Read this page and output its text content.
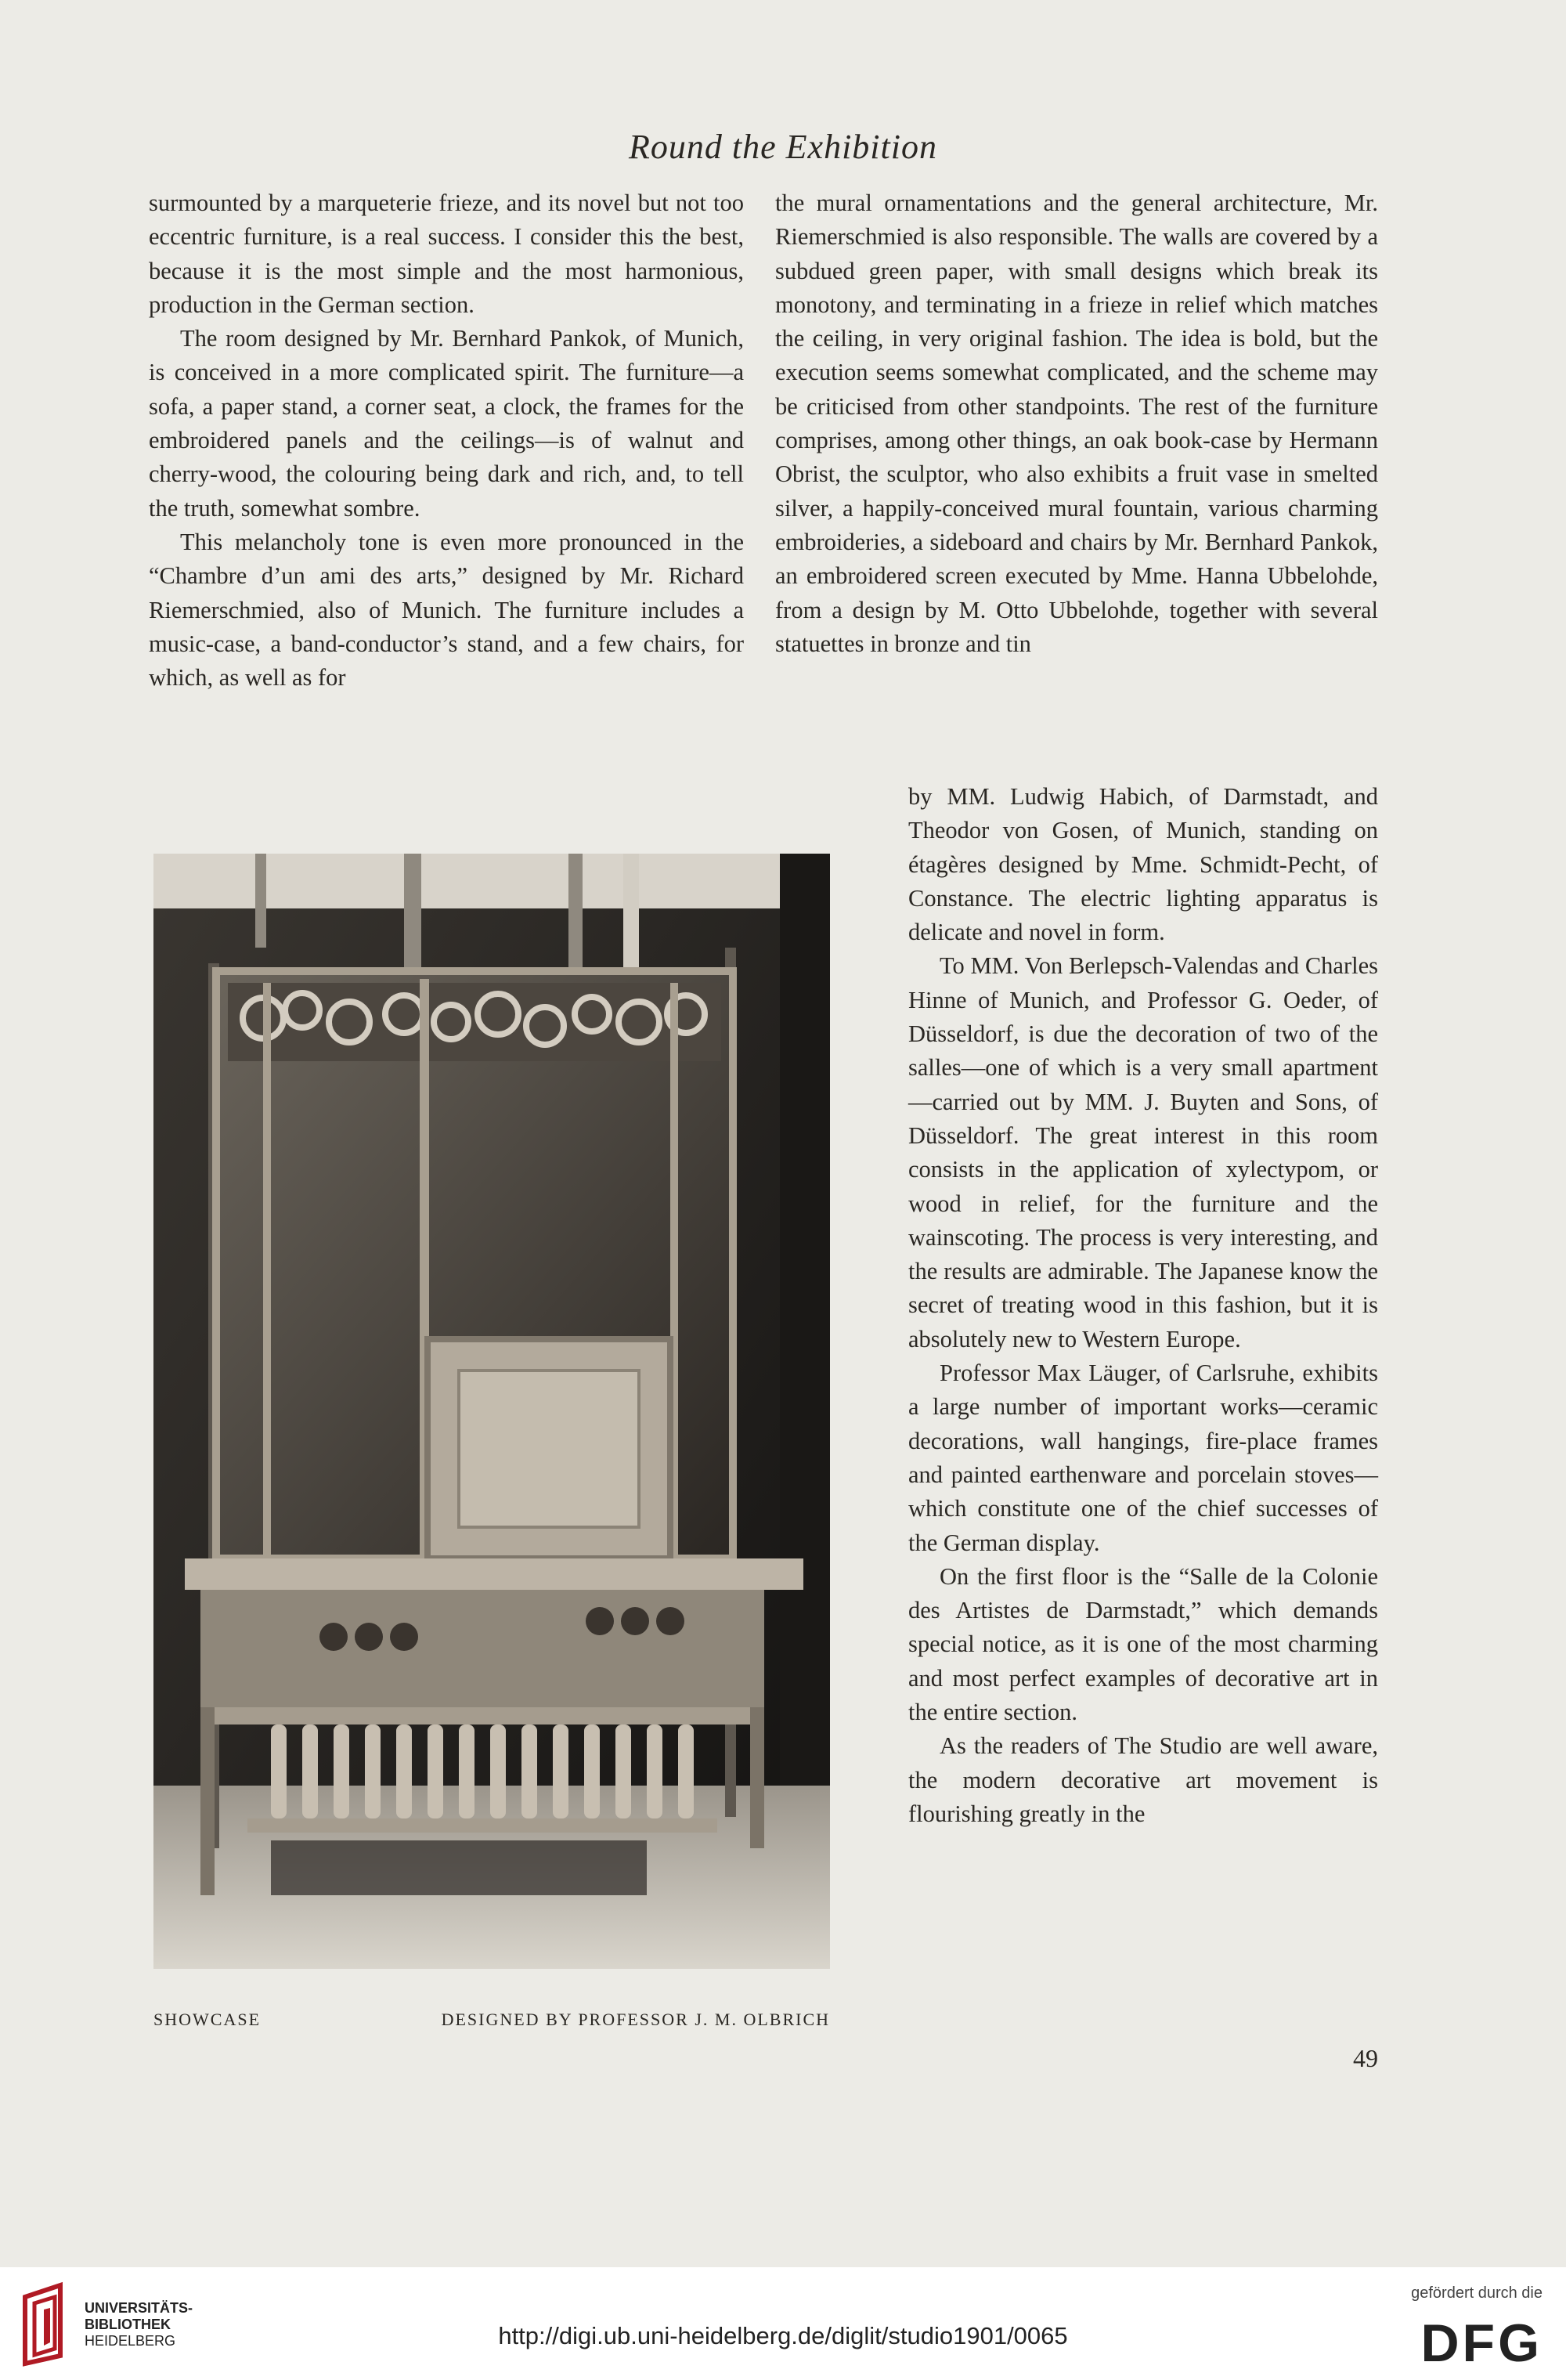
Round the Exhibition

surmounted by a marqueterie frieze, and its novel but not too eccentric furniture, is a real success. I consider this the best, because it is the most simple and the most harmonious, production in the German section.

The room designed by Mr. Bernhard Pankok, of Munich, is conceived in a more complicated spirit. The furniture—a sofa, a paper stand, a corner seat, a clock, the frames for the embroidered panels and the ceilings—is of walnut and cherry-wood, the colouring being dark and rich, and, to tell the truth, somewhat sombre.

This melancholy tone is even more pronounced in the “Chambre d’un ami des arts,” designed by Mr. Richard Riemerschmied, also of Munich. The furniture includes a music-case, a band-conductor’s stand, and a few chairs, for which, as well as for

the mural ornamentations and the general architecture, Mr. Riemerschmied is also responsible. The walls are covered by a subdued green paper, with small designs which break its monotony, and terminating in a frieze in relief which matches the ceiling, in very original fashion. The idea is bold, but the execution seems somewhat complicated, and the scheme may be criticised from other standpoints. The rest of the furniture comprises, among other things, an oak book-case by Hermann Obrist, the sculptor, who also exhibits a fruit vase in smelted silver, a happily-conceived mural fountain, various charming embroideries, a sideboard and chairs by Mr. Bernhard Pankok, an embroidered screen executed by Mme. Hanna Ubbelohde, from a design by M. Otto Ubbelohde, together with several statuettes in bronze and tin

by MM. Ludwig Habich, of Darmstadt, and Theodor von Gosen, of Munich, standing on étagères designed by Mme. Schmidt-Pecht, of Constance. The electric lighting apparatus is delicate and novel in form.

To MM. Von Berlepsch-Valendas and Charles Hinne of Munich, and Professor G. Oeder, of Düsseldorf, is due the decoration of two of the salles—one of which is a very small apartment—carried out by MM. J. Buyten and Sons, of Düsseldorf. The great interest in this room consists in the application of xylectypom, or wood in relief, for the furniture and the wainscoting. The process is very interesting, and the results are admirable. The Japanese know the secret of treating wood in this fashion, but it is absolutely new to Western Europe.

Professor Max Läuger, of Carlsruhe, exhibits a large number of important works—ceramic decorations, wall hangings, fire-place frames and painted earthenware and porcelain stoves—which constitute one of the chief successes of the German display.

On the first floor is the “Salle de la Colonie des Artistes de Darmstadt,” which demands special notice, as it is one of the most charming and most perfect examples of decorative art in the entire section.

As the readers of The Studio are well aware, the modern decorative art movement is flourishing greatly in the

SHOWCASE	DESIGNED BY PROFESSOR J. M. OLBRICH
49
UNIVERSITÄTS-
BIBLIOTHEK
HEIDELBERG	http://digi.ub.uni-heidelberg.de/diglit/studio1901/0065
gefördert durch die
DFG
